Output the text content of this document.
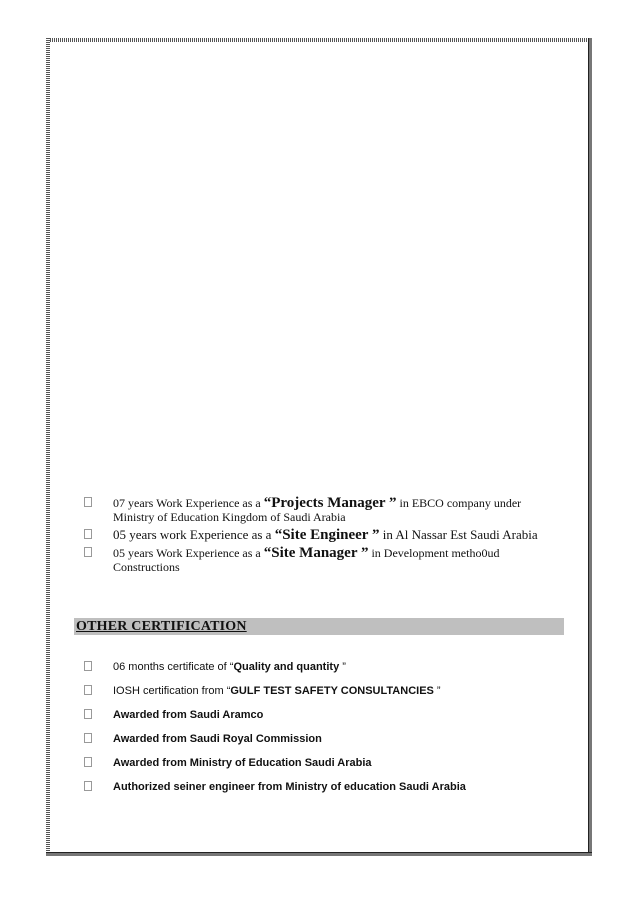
07 years Work Experience as a “Projects Manager ” in EBCO company under
Ministry of Education Kingdom of Saudi Arabia
05 years work Experience as a “Site Engineer ” in Al Nassar Est Saudi Arabia
05 years Work Experience as a “Site Manager ” in Development metho0ud
Constructions
OTHER CERTIFICATION
06 months certificate of “Quality and quantity ”
IOSH certification from “GULF TEST SAFETY CONSULTANCIES ”
Awarded from Saudi Aramco
Awarded from Saudi Royal Commission
Awarded from Ministry of Education Saudi Arabia
Authorized seiner engineer from Ministry of education Saudi Arabia
